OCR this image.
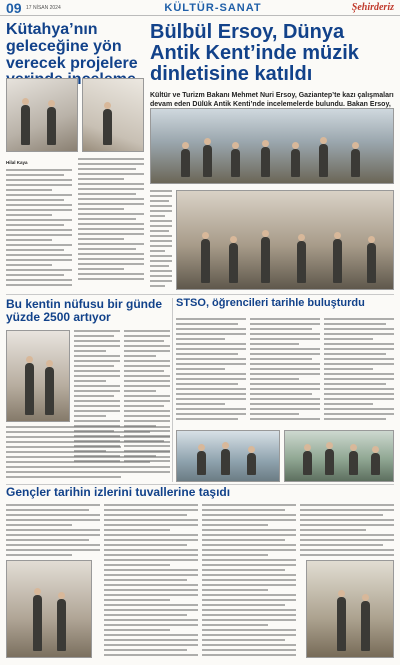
09 17 NİSAN 2024	KÜLTÜR-SANAT	Şehirderiz
Bülbül Ersoy, Dünya Antik Kent’inde müzik dinletisine katıldı
Kültür ve Turizm Bakanı Mehmet Nuri Ersoy, Gaziantep’te kazı çalışmaları devam eden Dülük Antik Kenti’nde incelemelerde bulundu. Bakan Ersoy,
Kütahya’nın geleceğine yön verecek projelere
Hilal Kaya
Bu kentin nüfusu bir günde yüzde 2500 artıyor
STSO, öğrencileri tarihle buluşturdu
Gençler tarihin izlerini tuvallerine taşıdı
